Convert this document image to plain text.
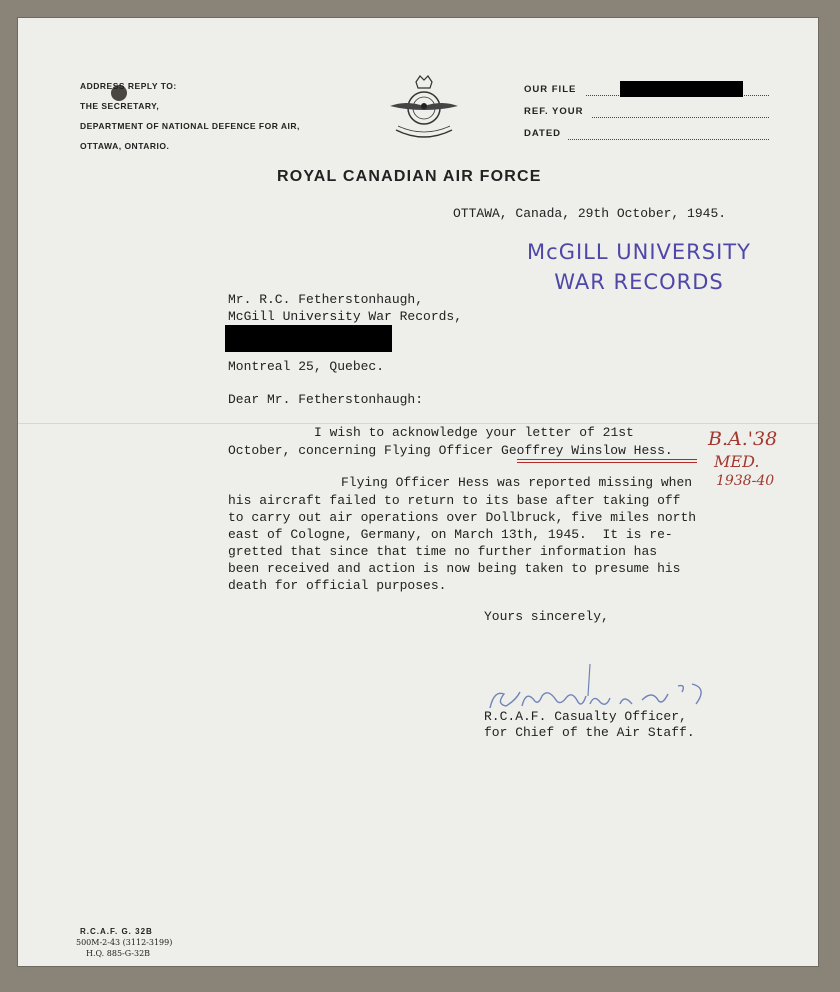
ADDRESS REPLY TO:
THE SECRETARY,
DEPARTMENT OF NATIONAL DEFENCE FOR AIR,
OTTAWA, ONTARIO.
OUR FILE
REF. YOUR
DATED
ROYAL CANADIAN AIR FORCE
OTTAWA, Canada, 29th October, 1945.
McGILL UNIVERSITY
WAR RECORDS
Mr. R.C. Fetherstonhaugh,
McGill University War Records,
Montreal 25, Quebec.
Dear Mr. Fetherstonhaugh:
I wish to acknowledge your letter of 21st
October, concerning Flying Officer Geoffrey Winslow Hess.
Flying Officer Hess was reported missing when
his aircraft failed to return to its base after taking off
to carry out air operations over Dollbruck, five miles north
east of Cologne, Germany, on March 13th, 1945.  It is re-
gretted that since that time no further information has
been received and action is now being taken to presume his
death for official purposes.
B.A.'38
MED.
1938-40
Yours sincerely,
R.C.A.F. Casualty Officer,
for Chief of the Air Staff.
R.C.A.F. G. 32B
500M-2-43 (3112-3199)
H.Q. 885-G-32B
